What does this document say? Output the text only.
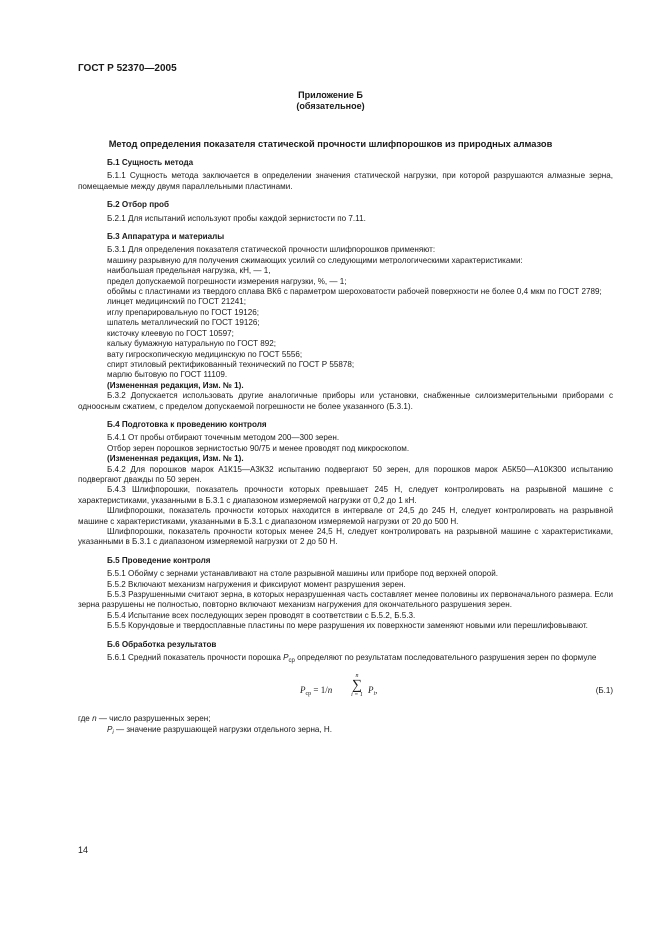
ГОСТ Р 52370—2005
Приложение Б
(обязательное)
Метод определения показателя статической прочности шлифпорошков из природных алмазов
Б.1 Сущность метода

Б.1.1 Сущность метода заключается в определении значения статической нагрузки, при которой разрушаются алмазные зерна, помещаемые между двумя параллельными пластинами.

Б.2 Отбор проб

Б.2.1 Для испытаний используют пробы каждой зернистости по 7.11.

Б.3 Аппаратура и материалы

Б.3.1 Для определения показателя статической прочности шлифпорошков применяют:

машину разрывную для получения сжимающих усилий со следующими метрологическими характеристиками:

наибольшая предельная нагрузка, кН, — 1,

предел допускаемой погрешности измерения нагрузки, %, — 1;

обоймы с пластинами из твердого сплава ВК6 с параметром шероховатости рабочей поверхности не более 0,4 мкм по ГОСТ 2789;

линцет медицинский по ГОСТ 21241;

иглу препарировальную по ГОСТ 19126;

шпатель металлический по ГОСТ 19126;

кисточку клеевую по ГОСТ 10597;

кальку бумажную натуральную по ГОСТ 892;

вату гигроскопическую медицинскую по ГОСТ 5556;

спирт этиловый ректификованный технический по ГОСТ Р 55878;

марлю бытовую по ГОСТ 11109.

(Измененная редакция, Изм. № 1).

Б.3.2 Допускается использовать другие аналогичные приборы или установки, снабженные силоизмерительными приборами с одноосным сжатием, с пределом допускаемой погрешности не более указанного (Б.3.1).

Б.4 Подготовка к проведению контроля

Б.4.1 От пробы отбирают точечным методом 200—300 зерен.

Отбор зерен порошков зернистостью 90/75 и менее проводят под микроскопом.

(Измененная редакция, Изм. № 1).

Б.4.2 Для порошков марок А1К15—А3К32 испытанию подвергают 50 зерен, для порошков марок А5К50—А10К300 испытанию подвергают дважды по 50 зерен.

Б.4.3 Шлифпорошки, показатель прочности которых превышает 245 Н, следует контролировать на разрывной машине с характеристиками, указанными в Б.3.1 с диапазоном измеряемой нагрузки от 0,2 до 1 кН.

Шлифпорошки, показатель прочности которых находится в интервале от 24,5 до 245 Н, следует контролировать на разрывной машине с характеристиками, указанными в Б.3.1 с диапазоном измеряемой нагрузки от 20 до 500 Н.

Шлифпорошки, показатель прочности которых менее 24,5 Н, следует контролировать на разрывной машине с характеристиками, указанными в Б.3.1 с диапазоном измеряемой нагрузки от 2 до 50 Н.

Б.5 Проведение контроля

Б.5.1 Обойму с зернами устанавливают на столе разрывной машины или приборе под верхней опорой.

Б.5.2 Включают механизм нагружения и фиксируют момент разрушения зерен.

Б.5.3 Разрушенными считают зерна, в которых неразрушенная часть составляет менее половины их первоначального размера. Если зерна разрушены не полностью, повторно включают механизм нагружения для окончательного разрушения зерен.

Б.5.4 Испытание всех последующих зерен проводят в соответствии с Б.5.2, Б.5.3.

Б.5.5 Корундовые и твердосплавные пластины по мере разрушения их поверхности заменяют новыми или перешлифовывают.

Б.6 Обработка результатов

Б.6.1 Средний показатель прочности порошка $P_{ср}$ определяют по результатам последовательного разрушения зерен по формуле

$P_{ср} = 1/n$
n
∑
i = 1 $P_i$,	(Б.1)

где n — число разрушенных зерен;

$P_i$ — значение разрушающей нагрузки отдельного зерна, Н.

14
